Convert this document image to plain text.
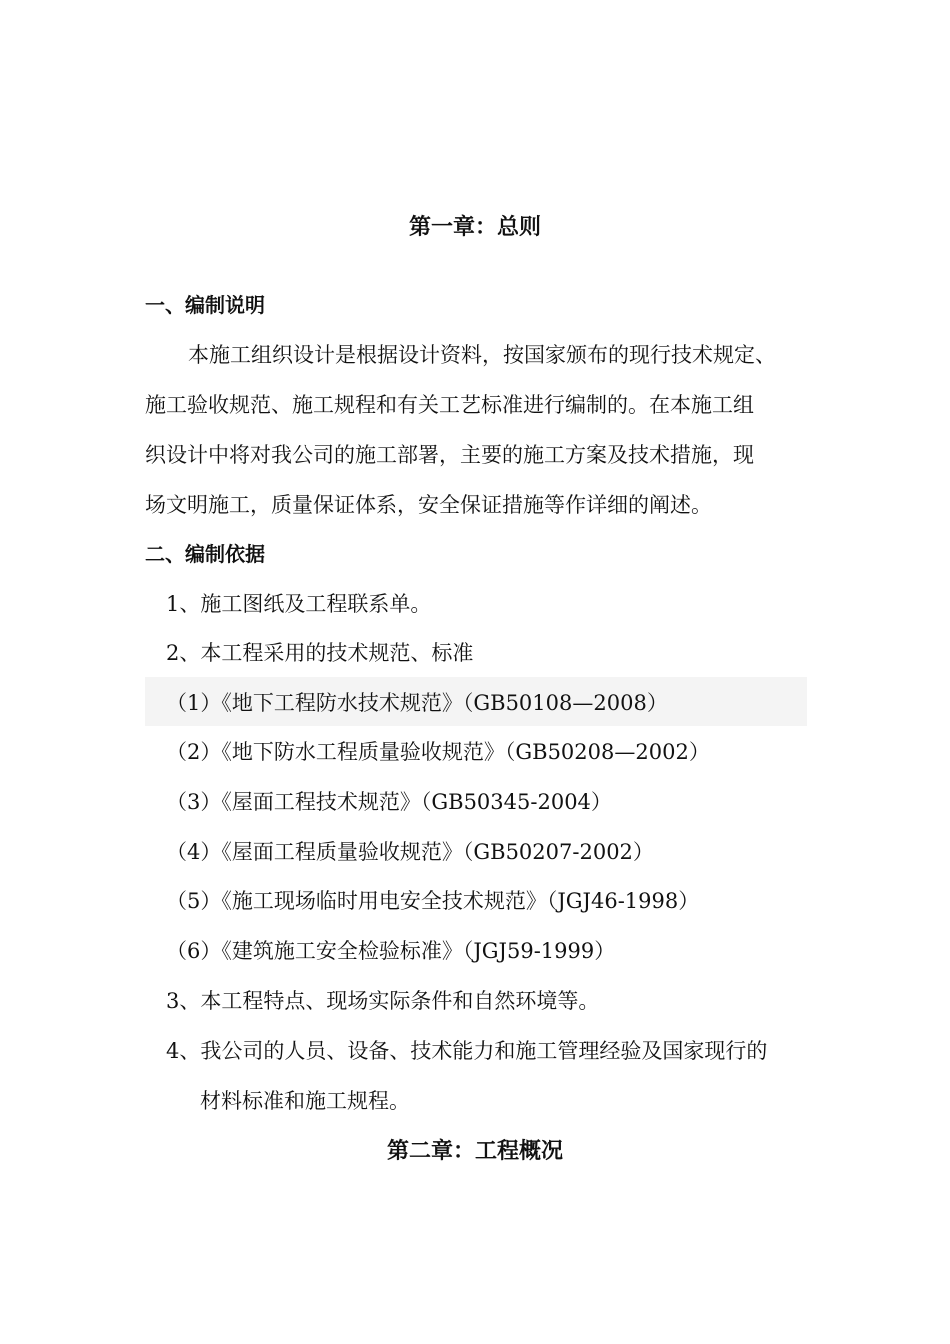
第一章：总则
一、编制说明
本施工组织设计是根据设计资料，按国家颁布的现行技术规定、
施工验收规范、施工规程和有关工艺标准进行编制的。在本施工组
织设计中将对我公司的施工部署，主要的施工方案及技术措施，现
场文明施工，质量保证体系，安全保证措施等作详细的阐述。
二、编制依据
1、施工图纸及工程联系单。
2、本工程采用的技术规范、标准
（1）《地下工程防水技术规范》（GB50108—2008）
（2）《地下防水工程质量验收规范》（GB50208—2002）
（3）《屋面工程技术规范》（GB50345-2004）
（4）《屋面工程质量验收规范》（GB50207-2002）
（5）《施工现场临时用电安全技术规范》（JGJ46-1998）
（6）《建筑施工安全检验标准》（JGJ59-1999）
3、本工程特点、现场实际条件和自然环境等。
4、我公司的人员、设备、技术能力和施工管理经验及国家现行的
材料标准和施工规程。
第二章：工程概况
